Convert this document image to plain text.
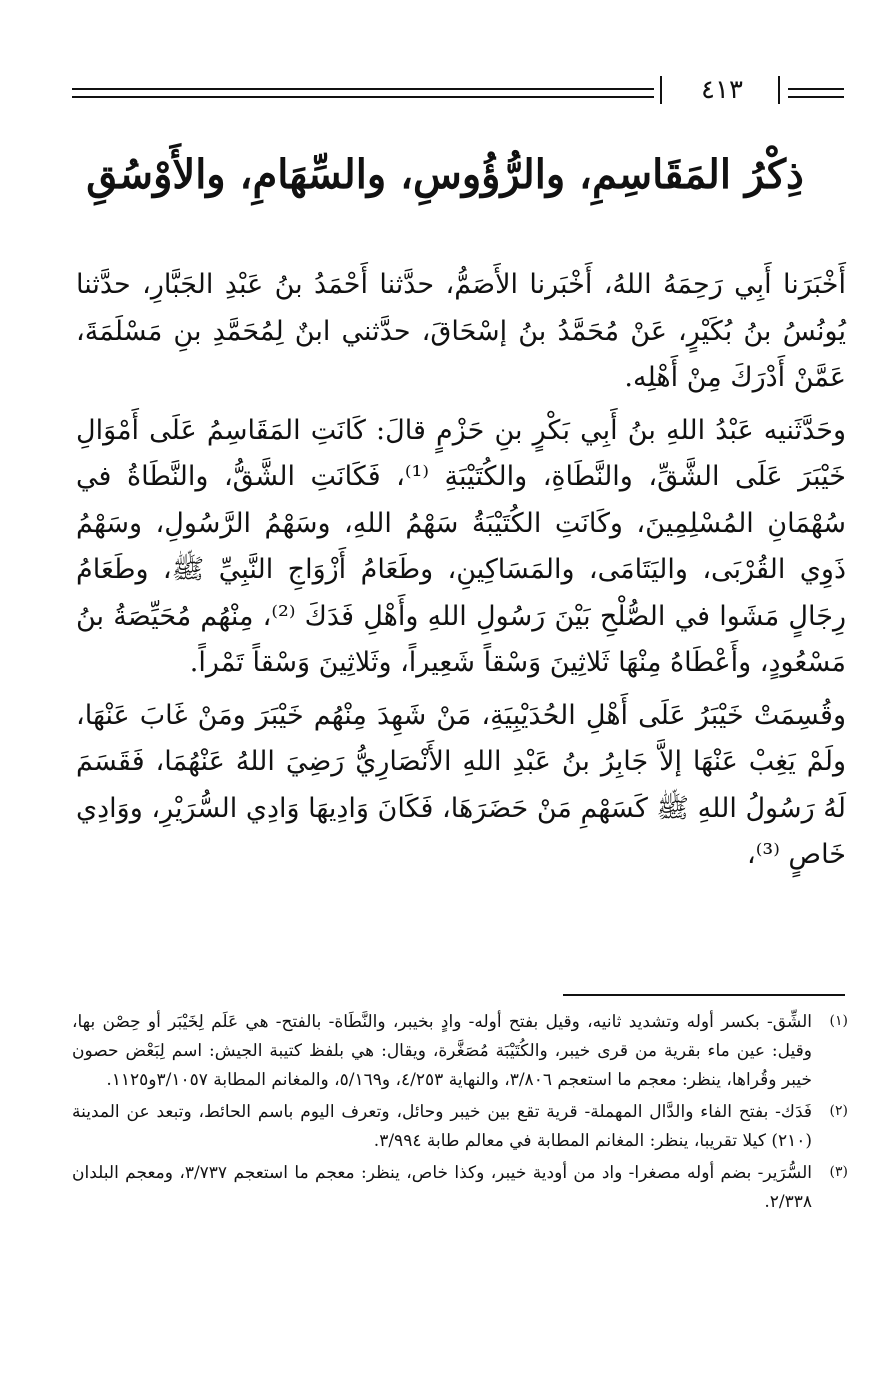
٤١٣
ذِكْرُ المَقَاسِمِ، والرُّؤُوسِ، والسِّهَامِ، والأَوْسُقِ

أَخْبَرَنا أَبِي رَحِمَهُ اللهُ، أَخْبَرنا الأَصَمُّ، حدَّثنا أَحْمَدُ بنُ عَبْدِ الجَبَّارِ، حدَّثنا يُونُسُ بنُ بُكَيْرٍ، عَنْ مُحَمَّدُ بنُ إسْحَاقَ، حدَّثني ابنٌ لِمُحَمَّدِ بنِ مَسْلَمَةَ، عَمَّنْ أَدْرَكَ مِنْ أَهْلِه.

وحَدَّثَنيه عَبْدُ اللهِ بنُ أَبِي بَكْرٍ بنِ حَزْمٍ قالَ: كَانَتِ المَقَاسِمُ عَلَى أَمْوَالِ خَيْبَرَ عَلَى الشَّقِّ، والنَّطَاةِ، والكُتَيْبَةِ ⁽¹⁾، فَكَانَتِ الشَّقُّ، والنَّطَاةُ في سُهْمَانِ المُسْلِمِينَ، وكَانَتِ الكُتَيْبَةُ سَهْمُ اللهِ، وسَهْمُ الرَّسُولِ، وسَهْمُ ذَوِي القُرْبَى، واليَتَامَى، والمَسَاكِينِ، وطَعَامُ أَزْوَاجِ النَّبِيِّ ﷺ، وطَعَامُ رِجَالٍ مَشَوا في الصُّلْحِ بَيْنَ رَسُولِ اللهِ وأَهْلِ فَدَكَ ⁽²⁾، مِنْهُم مُحَيِّصَةُ بنُ مَسْعُودٍ، وأَعْطَاهُ مِنْهَا ثَلاثِينَ وَسْقاً شَعِيراً، وثَلاثِينَ وَسْقاً تَمْراً.

وقُسِمَتْ خَيْبَرُ عَلَى أَهْلِ الحُدَيْبِيَةِ، مَنْ شَهِدَ مِنْهُم خَيْبَرَ ومَنْ غَابَ عَنْهَا، ولَمْ يَغِبْ عَنْهَا إلاَّ جَابِرُ بنُ عَبْدِ اللهِ الأَنْصَارِيُّ رَضِيَ اللهُ عَنْهُمَا، فَقَسَمَ لَهُ رَسُولُ اللهِ ﷺ كَسَهْمِ مَنْ حَضَرَهَا، فَكَانَ وَادِيهَا وَادِي السُّرَيْرِ، ووَادِي خَاصٍ ⁽³⁾،

(١)
الشِّق- بكسر أوله وتشديد ثانيه، وقيل بفتح أوله- وادٍ بخيبر، والنَّطَاة- بالفتح- هي عَلَم لِخَيْبَر أو حِصْن بها، وقيل: عين ماء بقرية من قرى خيبر، والكُتَيْبَة مُصَغَّرة، ويقال: هي بلفظ كتيبة الجيش: اسم لِبَعْض حصون خيبر وقُراها، ينظر: معجم ما استعجم ٣/٨٠٦، والنهاية ٤/٢٥٣، و٥/١٦٩، والمغانم المطابة ٣/١٠٥٧و١١٢٥.
(٢)
فَدَك- بفتح الفاء والدَّال المهملة- قرية تقع بين خيبر وحائل، وتعرف اليوم باسم الحائط، وتبعد عن المدينة (٢١٠) كيلا تقريبا، ينظر: المغانم المطابة في معالم طابة ٣/٩٩٤.
(٣)
السُّرَير- بضم أوله مصغرا- واد من أودية خيبر، وكذا خاص، ينظر: معجم ما استعجم ٣/٧٣٧، ومعجم البلدان ٢/٣٣٨.
